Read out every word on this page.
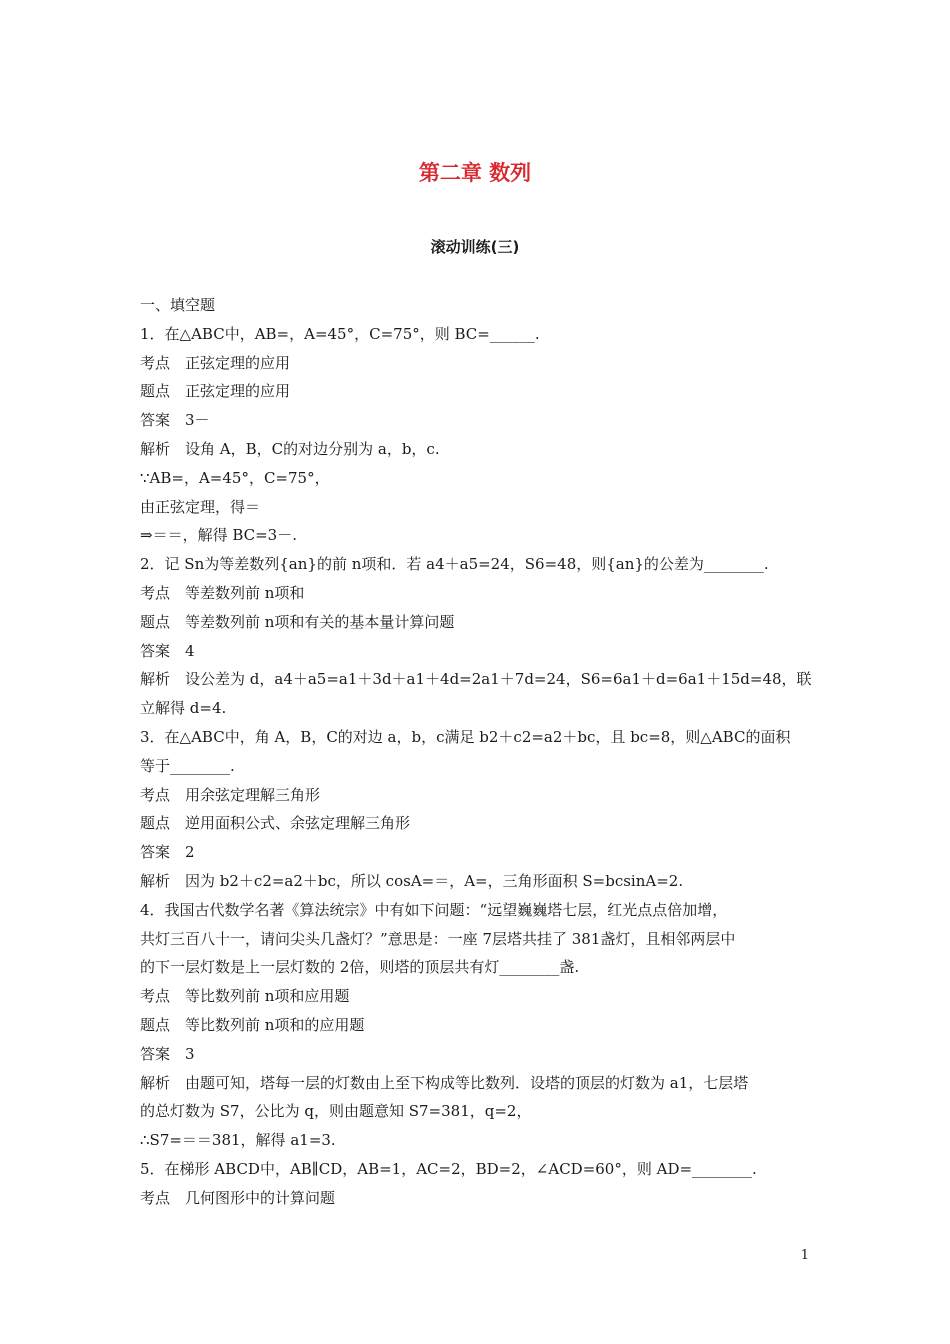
第二章 数列
滚动训练(三)
一、填空题
1．在△ABC中，AB=，A=45°，C=75°，则 BC=______.
考点　正弦定理的应用
题点　正弦定理的应用
答案　3－
解析　设角 A，B，C的对边分别为 a，b，c.
∵AB=，A=45°，C=75°，
由正弦定理，得＝
⇒＝＝，解得 BC=3－.
2．记 Sn为等差数列{an}的前 n项和．若 a4＋a5=24，S6=48，则{an}的公差为________.
考点　等差数列前 n项和
题点　等差数列前 n项和有关的基本量计算问题
答案　4
解析　设公差为 d，a4＋a5=a1＋3d＋a1＋4d=2a1＋7d=24，S6=6a1＋d=6a1＋15d=48，联
立解得 d=4.
3．在△ABC中，角 A，B，C的对边 a，b，c满足 b2＋c2=a2＋bc，且 bc=8，则△ABC的面积
等于________.
考点　用余弦定理解三角形
题点　逆用面积公式、余弦定理解三角形
答案　2
解析　因为 b2＋c2=a2＋bc，所以 cosA=＝，A=，三角形面积 S=bcsinA=2.
4．我国古代数学名著《算法统宗》中有如下问题：“远望巍巍塔七层，红光点点倍加增，
共灯三百八十一，请问尖头几盏灯？”意思是：一座 7层塔共挂了 381盏灯，且相邻两层中
的下一层灯数是上一层灯数的 2倍，则塔的顶层共有灯________盏.
考点　等比数列前 n项和应用题
题点　等比数列前 n项和的应用题
答案　3
解析　由题可知，塔每一层的灯数由上至下构成等比数列．设塔的顶层的灯数为 a1，七层塔
的总灯数为 S7，公比为 q，则由题意知 S7=381，q=2，
∴S7=＝＝381，解得 a1=3.
5．在梯形 ABCD中，AB∥CD，AB=1，AC=2，BD=2，∠ACD=60°，则 AD=________.
考点　几何图形中的计算问题
1
